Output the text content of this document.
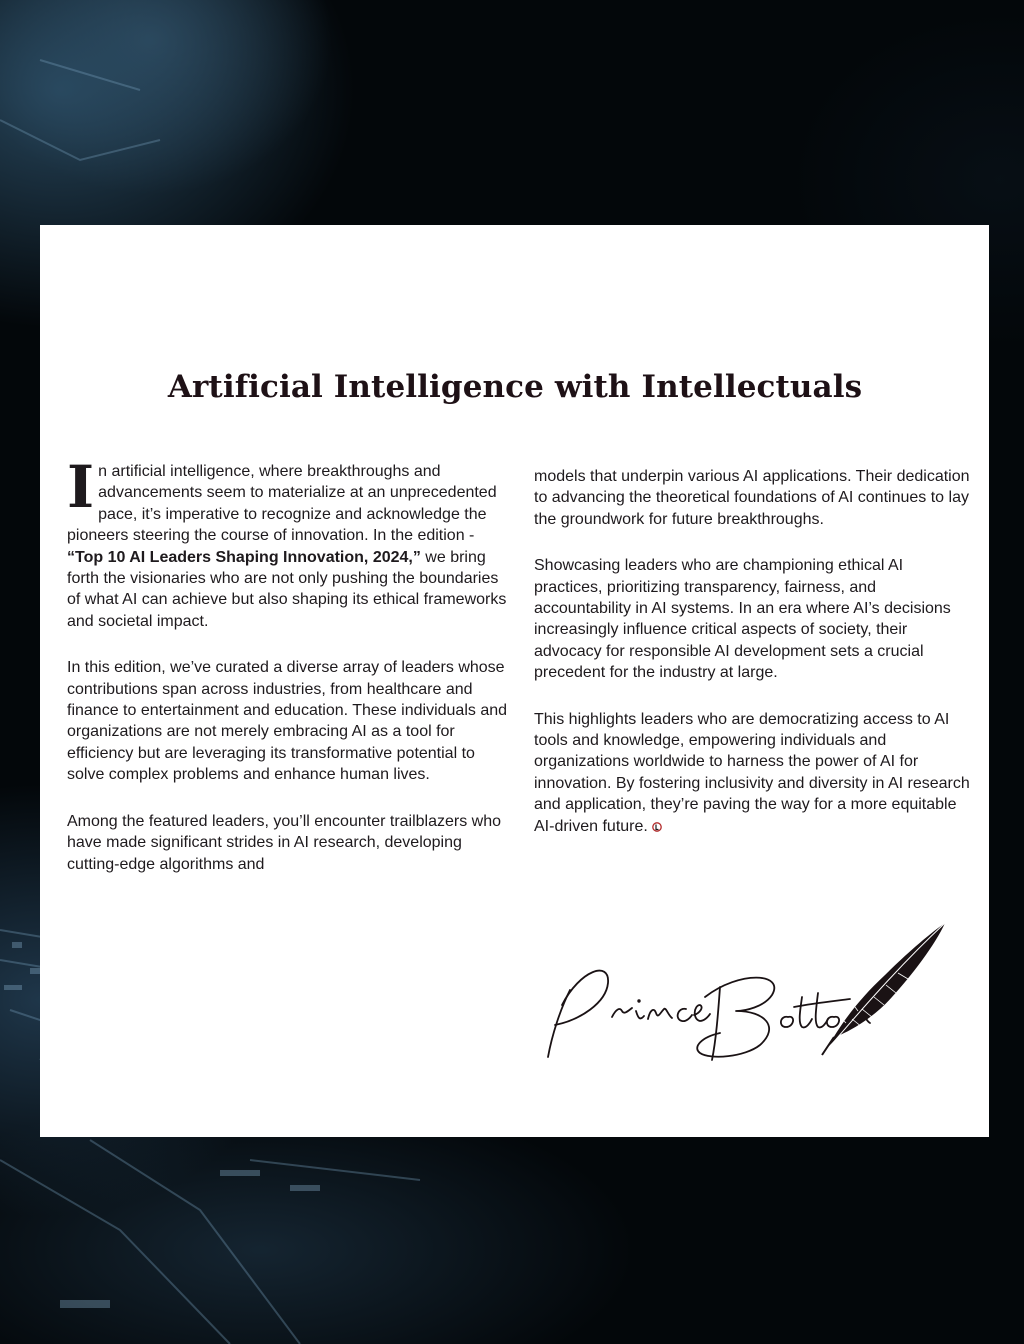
Artificial Intelligence with Intellectuals

In artificial intelligence, where breakthroughs and advancements seem to materialize at an unprecedented pace, it’s imperative to recognize and acknowledge the pioneers steering the course of innovation. In the edition - “Top 10 AI Leaders Shaping Innovation, 2024,” we bring forth the visionaries who are not only pushing the boundaries of what AI can achieve but also shaping its ethical frameworks and societal impact.

In this edition, we’ve curated a diverse array of leaders whose contributions span across industries, from healthcare and finance to entertainment and education. These individuals and organizations are not merely embracing AI as a tool for efficiency but are leveraging its transformative potential to solve complex problems and enhance human lives.

Among the featured leaders, you’ll encounter trailblazers who have made significant strides in AI research, developing cutting-edge algorithms and

models that underpin various AI applications. Their dedication to advancing the theoretical foundations of AI continues to lay the groundwork for future breakthroughs.

Showcasing leaders who are championing ethical AI practices, prioritizing transparency, fairness, and accountability in AI systems. In an era where AI’s decisions increasingly influence critical aspects of society, their advocacy for responsible AI development sets a crucial precedent for the industry at large.

This highlights leaders who are democratizing access to AI tools and knowledge, empowering individuals and organizations worldwide to harness the power of AI for innovation. By fostering inclusivity and diversity in AI research and application, they’re paving the way for a more equitable AI-driven future.
